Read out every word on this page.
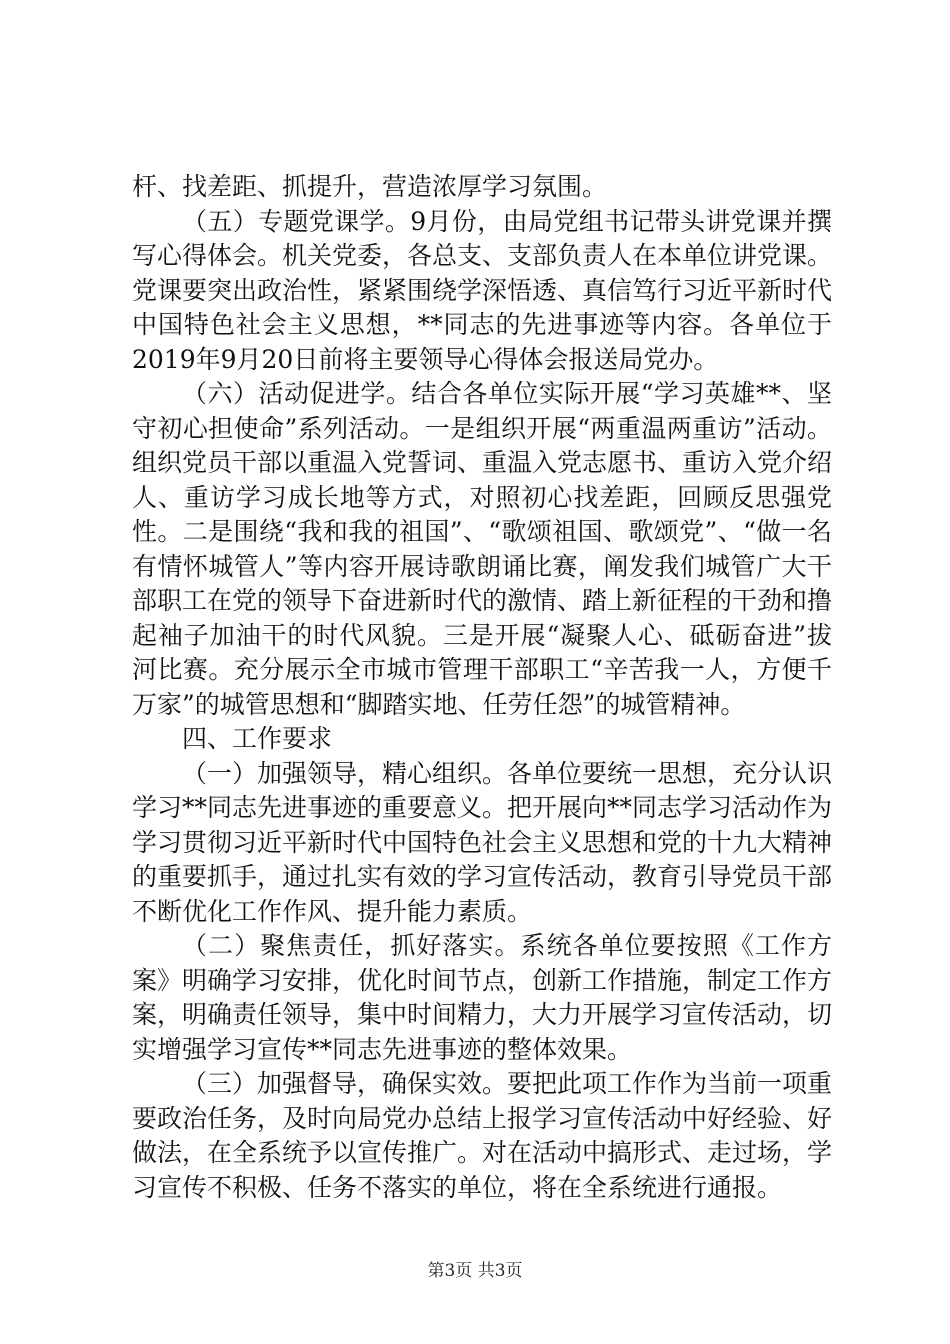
杆、找差距、抓提升，营造浓厚学习氛围。

（五）专题党课学。9月份，由局党组书记带头讲党课并撰写心得体会。机关党委，各总支、支部负责人在本单位讲党课。党课要突出政治性，紧紧围绕学深悟透、真信笃行习近平新时代中国特色社会主义思想，**同志的先进事迹等内容。各单位于2019年9月20日前将主要领导心得体会报送局党办。

（六）活动促进学。结合各单位实际开展“学习英雄**、坚守初心担使命”系列活动。一是组织开展“两重温两重访”活动。组织党员干部以重温入党誓词、重温入党志愿书、重访入党介绍人、重访学习成长地等方式，对照初心找差距，回顾反思强党性。二是围绕“我和我的祖国”、“歌颂祖国、歌颂党”、“做一名有情怀城管人”等内容开展诗歌朗诵比赛，阐发我们城管广大干部职工在党的领导下奋进新时代的激情、踏上新征程的干劲和撸起袖子加油干的时代风貌。三是开展“凝聚人心、砥砺奋进”拔河比赛。充分展示全市城市管理干部职工“辛苦我一人，方便千万家”的城管思想和“脚踏实地、任劳任怨”的城管精神。

四、工作要求

（一）加强领导，精心组织。各单位要统一思想，充分认识学习**同志先进事迹的重要意义。把开展向**同志学习活动作为学习贯彻习近平新时代中国特色社会主义思想和党的十九大精神的重要抓手，通过扎实有效的学习宣传活动，教育引导党员干部不断优化工作作风、提升能力素质。

（二）聚焦责任，抓好落实。系统各单位要按照《工作方案》明确学习安排，优化时间节点，创新工作措施，制定工作方案，明确责任领导，集中时间精力，大力开展学习宣传活动，切实增强学习宣传**同志先进事迹的整体效果。

（三）加强督导，确保实效。要把此项工作作为当前一项重要政治任务，及时向局党办总结上报学习宣传活动中好经验、好做法，在全系统予以宣传推广。对在活动中搞形式、走过场，学习宣传不积极、任务不落实的单位，将在全系统进行通报。

第3页 共3页
